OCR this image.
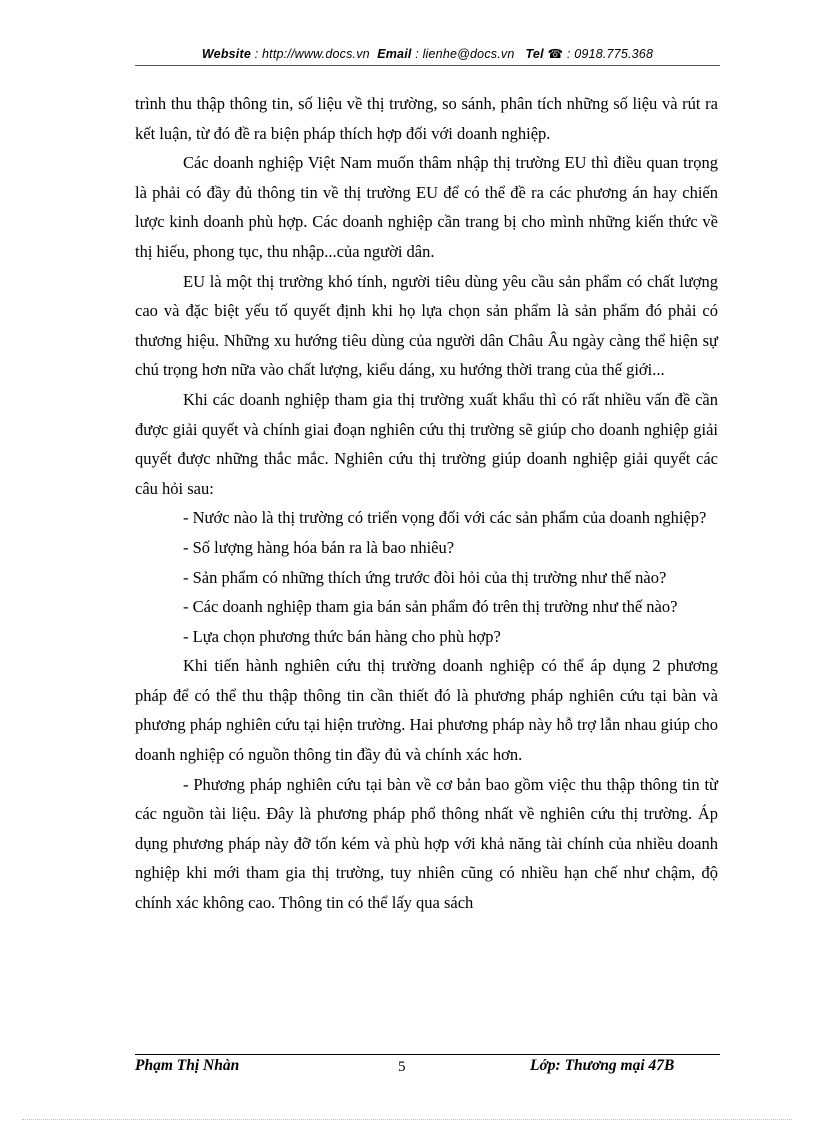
Website : http://www.docs.vn Email : lienhe@docs.vn Tel ☎ : 0918.775.368

trình thu thập thông tin, số liệu về thị trường, so sánh, phân tích những số liệu và rút ra kết luận, từ đó đề ra biện pháp thích hợp đối với doanh nghiệp.

Các doanh nghiệp Việt Nam muốn thâm nhập thị trường EU thì điều quan trọng là phải có đầy đủ thông tin về thị trường EU để có thể đề ra các phương án hay chiến lược kinh doanh phù hợp. Các doanh nghiệp cần trang bị cho mình những kiến thức về thị hiếu, phong tục, thu nhập...của người dân.

EU là một thị trường khó tính, người tiêu dùng yêu cầu sản phẩm có chất lượng cao và đặc biệt yếu tố quyết định khi họ lựa chọn sản phẩm là sản phẩm đó phải có thương hiệu. Những xu hướng tiêu dùng của người dân Châu Âu ngày càng thể hiện sự chú trọng hơn nữa vào chất lượng, kiểu dáng, xu hướng thời trang của thế giới...

Khi các doanh nghiệp tham gia thị trường xuất khẩu thì có rất nhiều vấn đề cần được giải quyết và chính giai đoạn nghiên cứu thị trường sẽ giúp cho doanh nghiệp giải quyết được những thắc mắc. Nghiên cứu thị trường giúp doanh nghiệp giải quyết các câu hỏi sau:

- Nước nào là thị trường có triển vọng đối với các sản phẩm của doanh nghiệp?

- Số lượng hàng hóa bán ra là bao nhiêu?

- Sản phẩm có những thích ứng trước đòi hỏi của thị trường như thế nào?

- Các doanh nghiệp tham gia bán sản phẩm đó trên thị trường như thế nào?

- Lựa chọn phương thức bán hàng cho phù hợp?

Khi tiến hành nghiên cứu thị trường doanh nghiệp có thể áp dụng 2 phương pháp để có thể thu thập thông tin cần thiết đó là phương pháp nghiên cứu tại bàn và phương pháp nghiên cứu tại hiện trường. Hai phương pháp này hỗ trợ lẫn nhau giúp cho doanh nghiệp có nguồn thông tin đầy đủ và chính xác hơn.

- Phương pháp nghiên cứu tại bàn về cơ bản bao gồm việc thu thập thông tin từ các nguồn tài liệu. Đây là phương pháp phổ thông nhất về nghiên cứu thị trường. Áp dụng phương pháp này đỡ tốn kém và phù hợp với khả năng tài chính của nhiều doanh nghiệp khi mới tham gia thị trường, tuy nhiên cũng có nhiều hạn chế như chậm, độ chính xác không cao. Thông tin có thể lấy qua sách

Phạm Thị Nhàn	5	Lớp: Thương mại 47B
